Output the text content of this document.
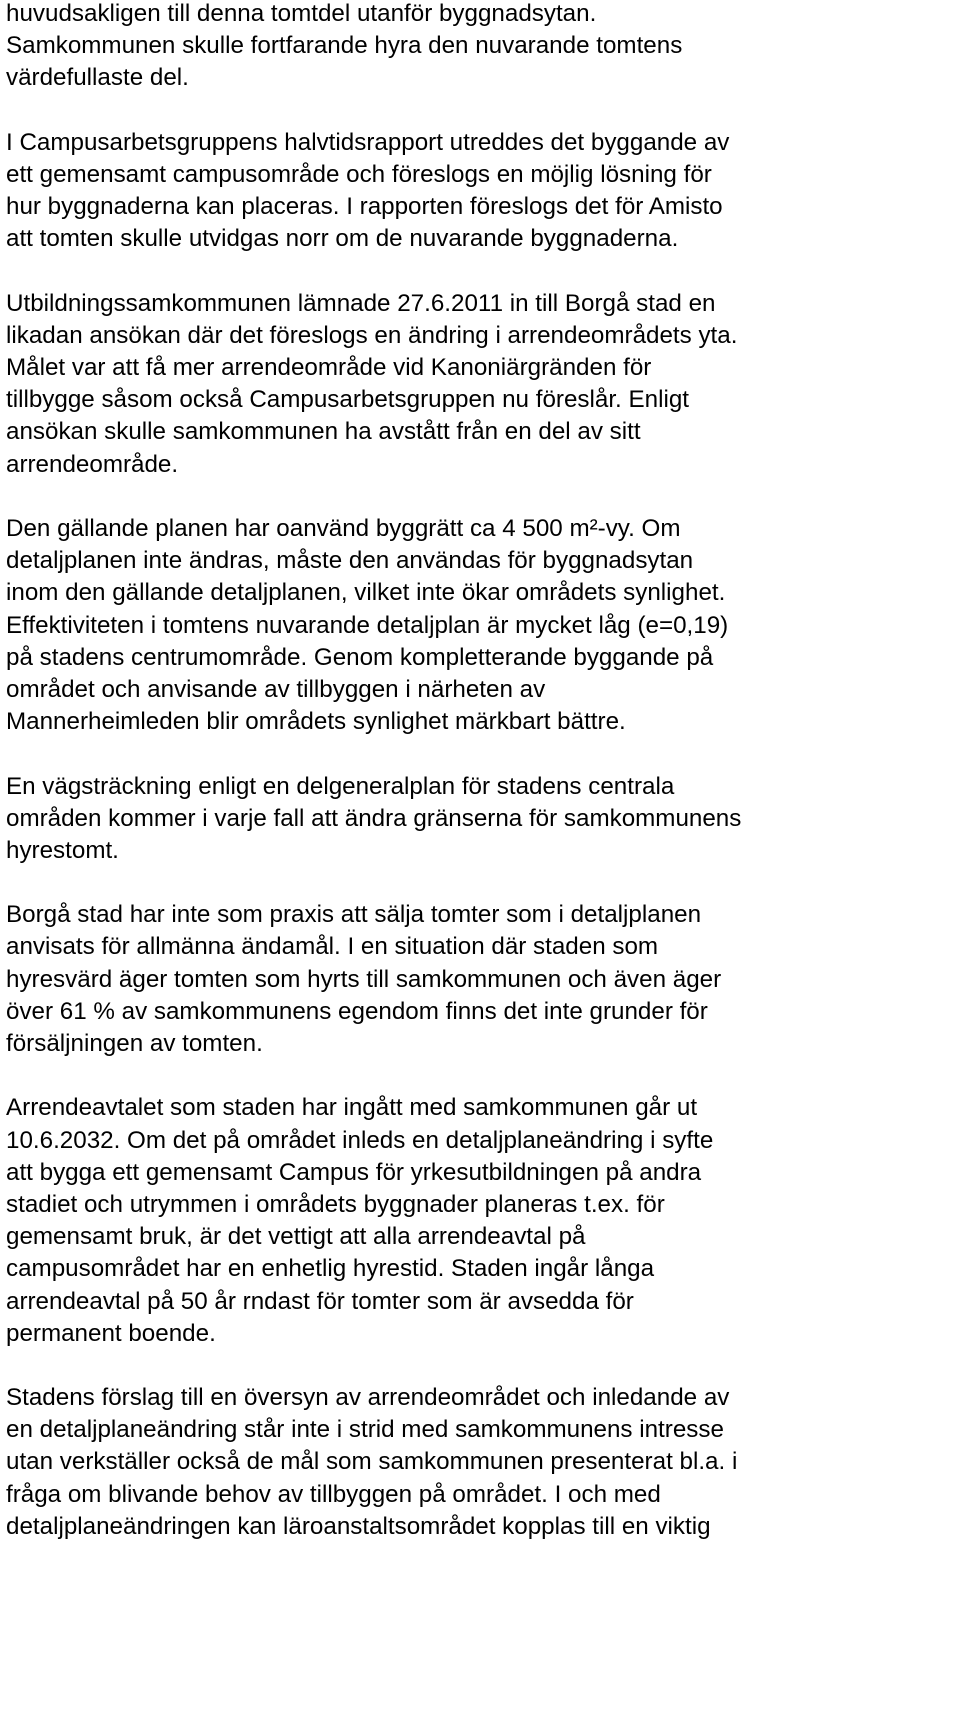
huvudsakligen till denna tomtdel utanför byggnadsytan.
Samkommunen skulle fortfarande hyra den nuvarande tomtens
värdefullaste del.
I Campusarbetsgruppens halvtidsrapport utreddes det byggande av
ett gemensamt campusområde och föreslogs en möjlig lösning för
hur byggnaderna kan placeras. I rapporten föreslogs det för Amisto
att tomten skulle utvidgas norr om de nuvarande byggnaderna.
Utbildningssamkommunen lämnade 27.6.2011 in till Borgå stad en
likadan ansökan där det föreslogs en ändring i arrendeområdets yta.
Målet var att få mer arrendeområde vid Kanoniärgränden för
tillbygge såsom också Campusarbetsgruppen nu föreslår. Enligt
ansökan skulle samkommunen ha avstått från en del av sitt
arrendeområde.
Den gällande planen har oanvänd byggrätt ca 4 500 m²-vy. Om
detaljplanen inte ändras, måste den användas för byggnadsytan
inom den gällande detaljplanen, vilket inte ökar områdets synlighet.
Effektiviteten i tomtens nuvarande detaljplan är mycket låg (e=0,19)
på stadens centrumområde. Genom kompletterande byggande på
området och anvisande av tillbyggen i närheten av
Mannerheimleden blir områdets synlighet märkbart bättre.
En vägsträckning enligt en delgeneralplan för stadens centrala
områden kommer i varje fall att ändra gränserna för samkommunens
hyrestomt.
Borgå stad har inte som praxis att sälja tomter som i detaljplanen
anvisats för allmänna ändamål. I en situation där staden som
hyresvärd äger tomten som hyrts till samkommunen och även äger
över 61 % av samkommunens egendom finns det inte grunder för
försäljningen av tomten.
Arrendeavtalet som staden har ingått med samkommunen går ut
10.6.2032. Om det på området inleds en detaljplaneändring i syfte
att bygga ett gemensamt Campus för yrkesutbildningen på andra
stadiet och utrymmen i områdets byggnader planeras t.ex. för
gemensamt bruk, är det vettigt att alla arrendeavtal på
campusområdet har en enhetlig hyrestid. Staden ingår långa
arrendeavtal på 50 år rndast för tomter som är avsedda för
permanent boende.
Stadens förslag till en översyn av arrendeområdet och inledande av
en detaljplaneändring står inte i strid med samkommunens intresse
utan verkställer också de mål som samkommunen presenterat bl.a. i
fråga om blivande behov av tillbyggen på området. I och med
detaljplaneändringen kan läroanstaltsområdet kopplas till en viktig
